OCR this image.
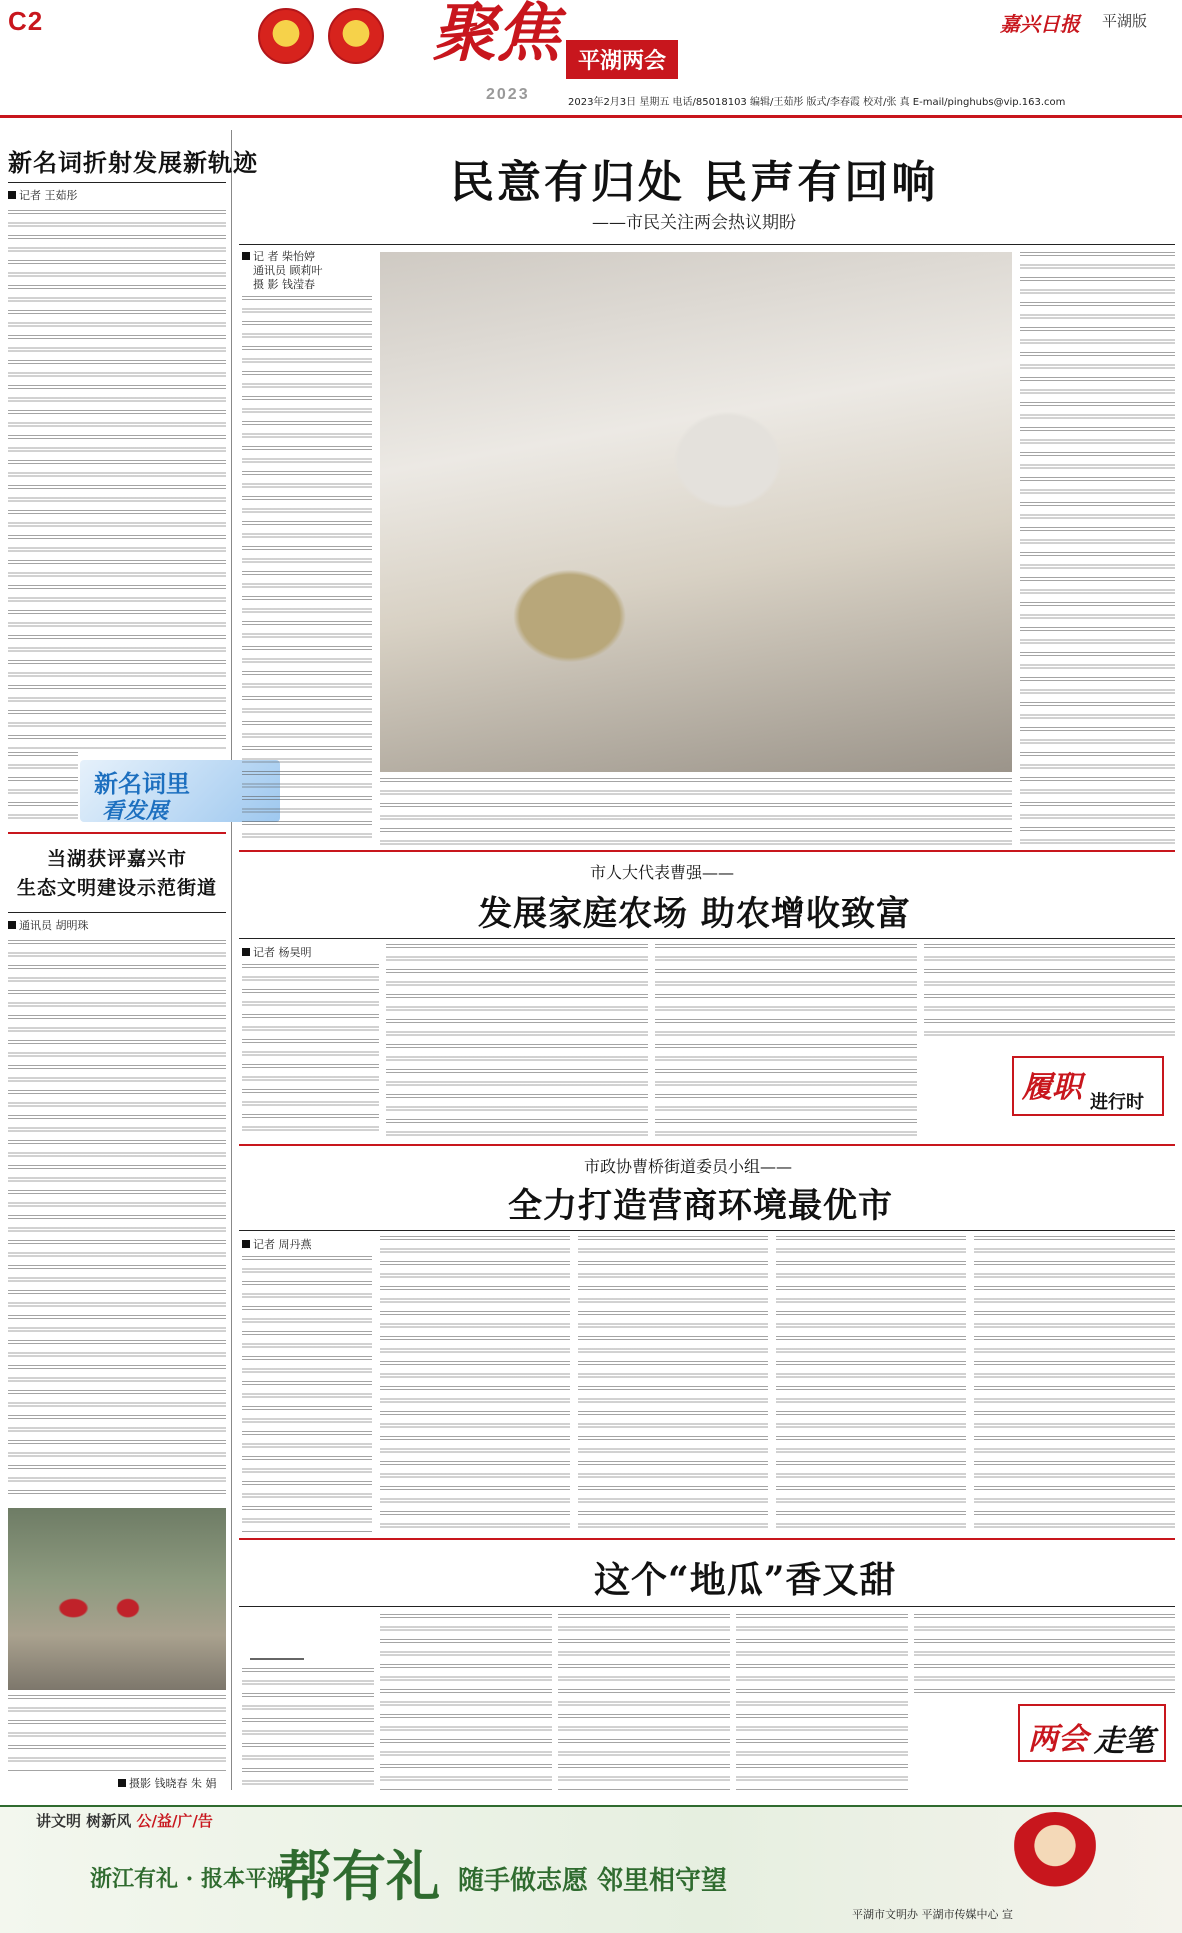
C2	聚焦
2023
平湖两会
嘉兴日报 平湖版
2023年2月3日 星期五 电话/85018103 编辑/王茹彤 版式/李春霞 校对/张 真 E-mail/pinghubs@vip.163.com
新名词折射发展新轨迹
记者 王茹彤
新名词里
看发展
当湖获评嘉兴市
生态文明建设示范街道
通讯员 胡明珠
摄影 钱晓春 朱 娟
民意有归处 民声有回响
——市民关注两会热议期盼
记 者 柴怡婷
通讯员 顾莉叶
摄 影 钱滢春
市人大代表曹强——
发展家庭农场 助农增收致富
记者 杨昊明
履职 进行时
市政协曹桥街道委员小组——
全力打造营商环境最优市
记者 周丹燕
这个“地瓜”香又甜
两会 走笔
讲文明 树新风 公/益/广/告
浙江有礼 · 报本平湖
帮有礼 随手做志愿 邻里相守望
平湖市文明办 平湖市传媒中心 宣
